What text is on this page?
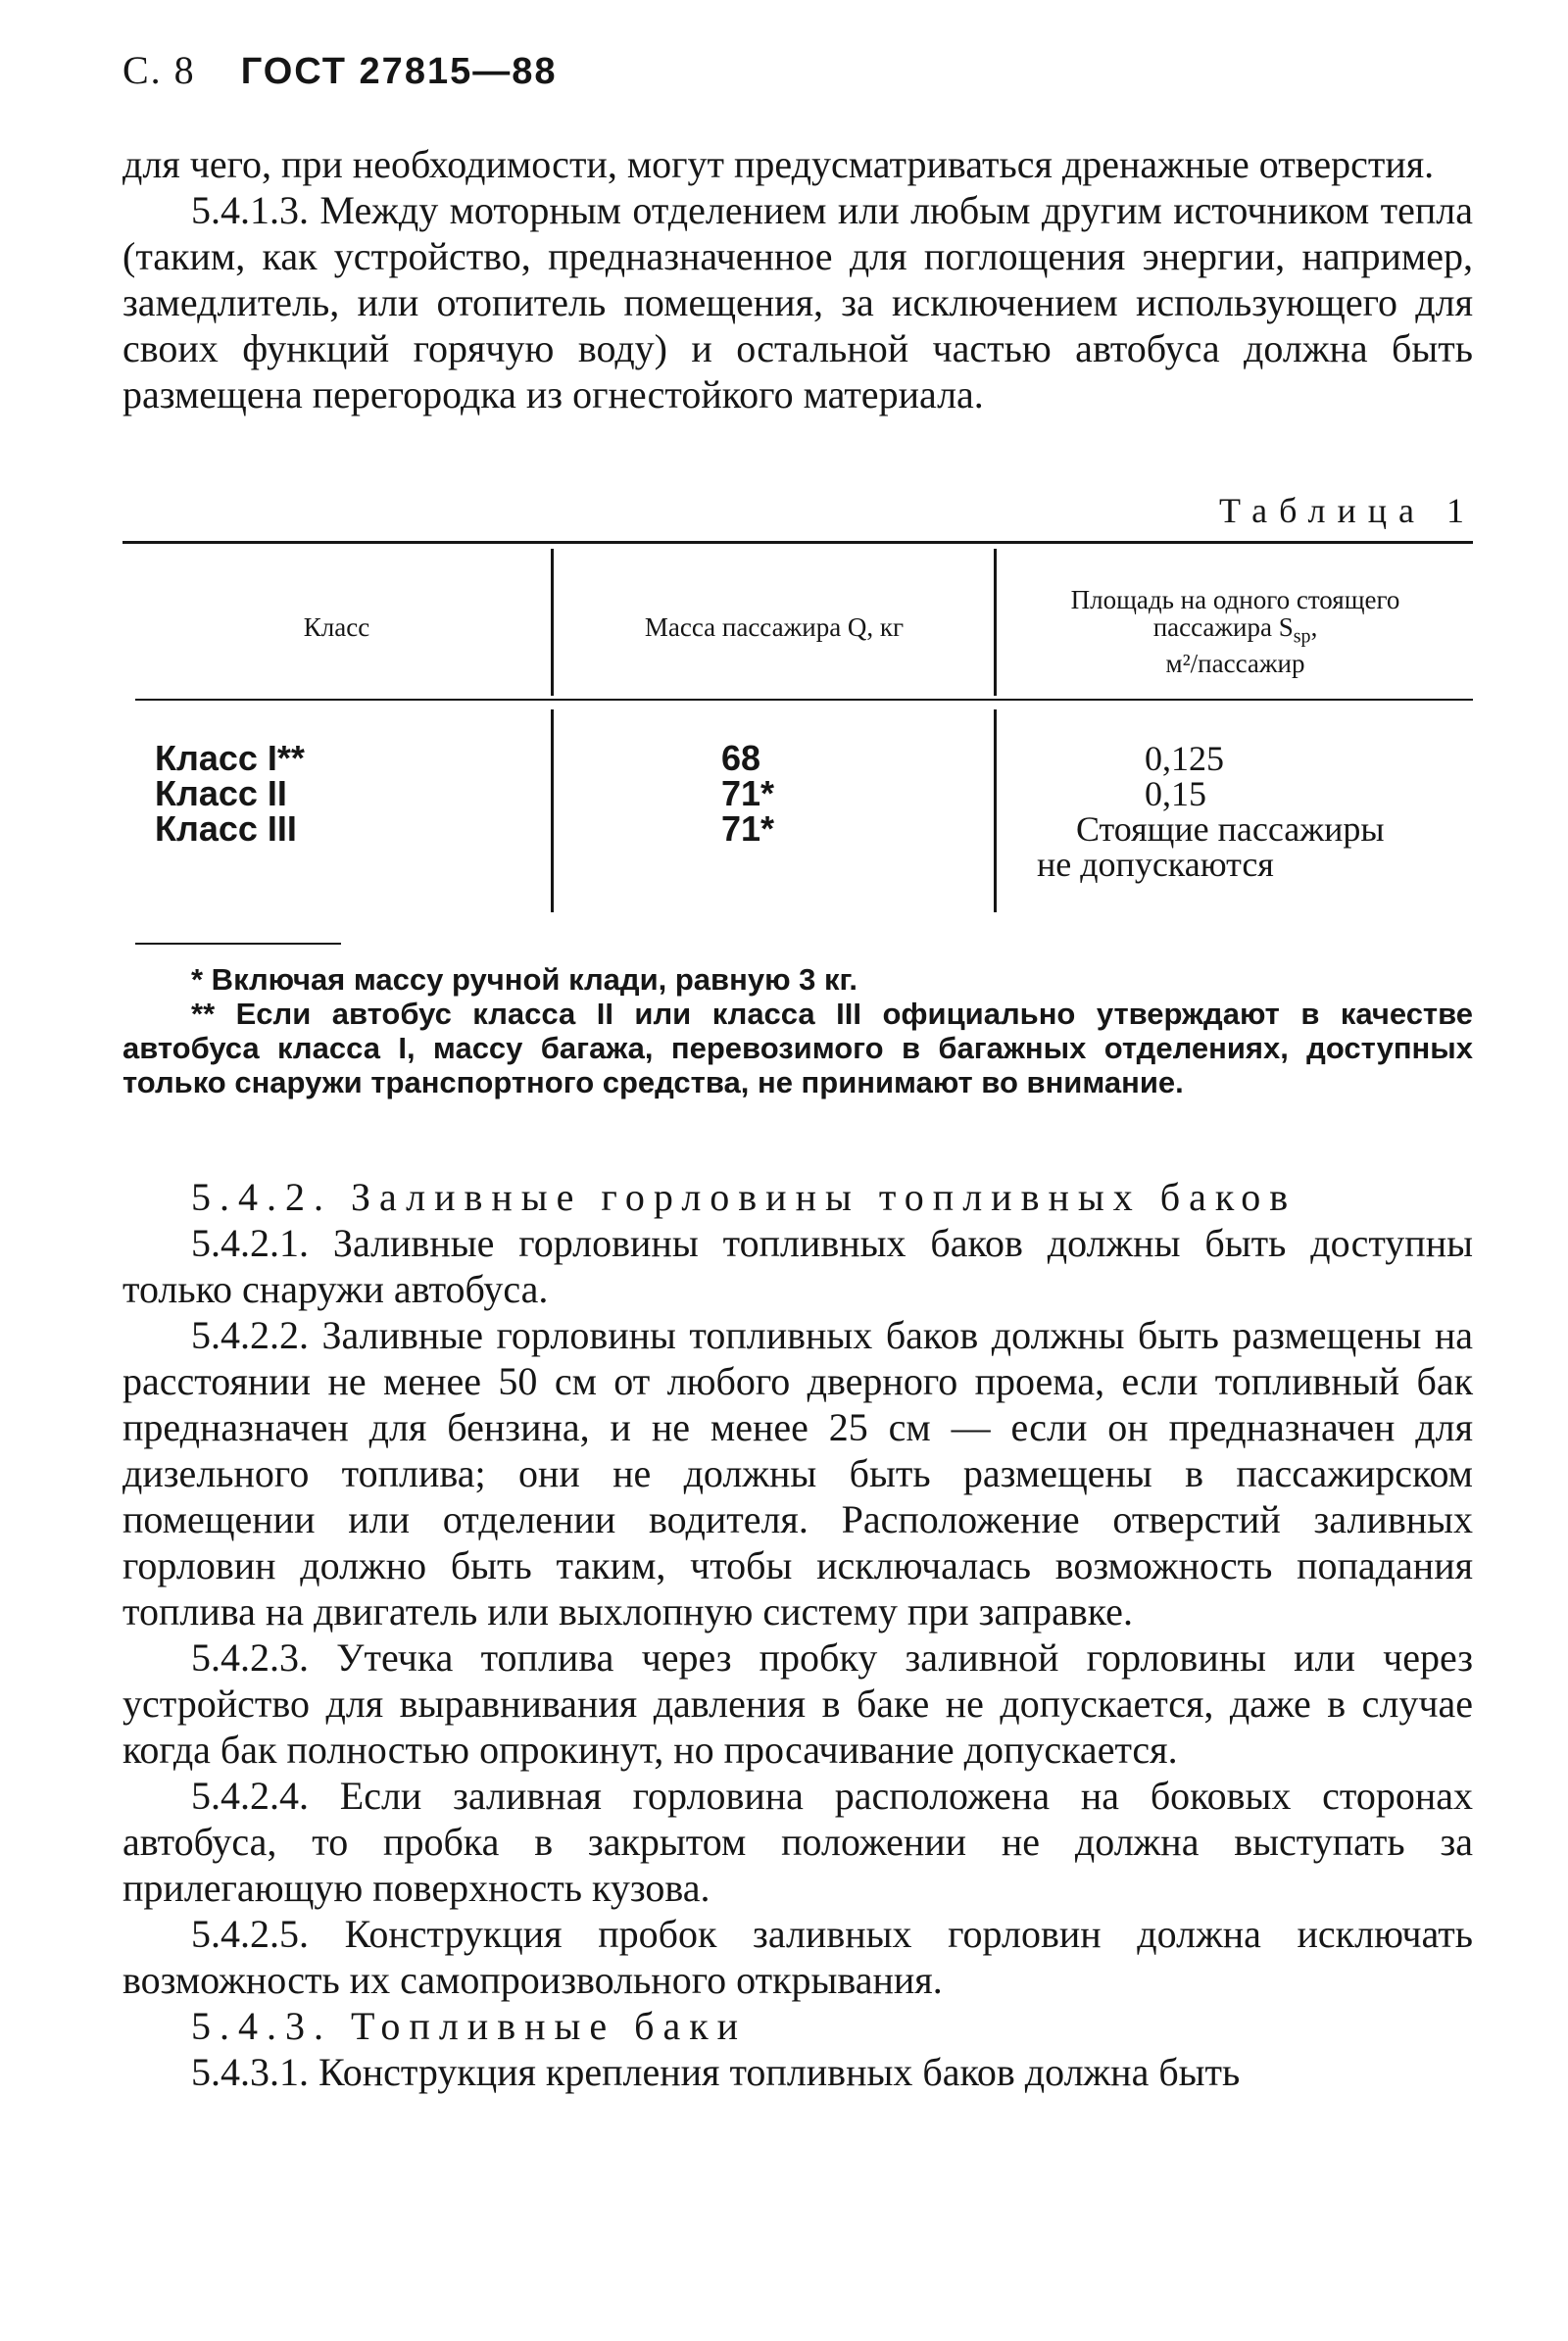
С. 8 ГОСТ 27815—88
для чего, при необходимости, могут предусматриваться дренажные отверстия.
5.4.1.3. Между моторным отделением или любым другим источником тепла (таким, как устройство, предназначенное для поглощения энергии, например, замедлитель, или отопитель помещения, за исключением использующего для своих функций горячую воду) и остальной частью автобуса должна быть размещена перегородка из огнестойкого материала.
Таблица 1
Класс	Масса пассажира Q, кг
Площадь на одного стоящего
пассажира $S_{sp}$,
м²/пассажир
Класс I**	68	0,125
Класс II	71*	0,15
Класс III	71*	Стоящие пассажиры
не допускаются
* Включая массу ручной клади, равную 3 кг.
** Если автобус класса II или класса III официально утверждают в качестве автобуса класса I, массу багажа, перевозимого в багажных отделениях, доступных только снаружи транспортного средства, не принимают во внимание.
5.4.2. Заливные горловины топливных баков
5.4.2.1. Заливные горловины топливных баков должны быть доступны только снаружи автобуса.
5.4.2.2. Заливные горловины топливных баков должны быть размещены на расстоянии не менее 50 см от любого дверного проема, если топливный бак предназначен для бензина, и не менее 25 см — если он предназначен для дизельного топлива; они не должны быть размещены в пассажирском помещении или отделении водителя. Расположение отверстий заливных горловин должно быть таким, чтобы исключалась возможность попадания топлива на двигатель или выхлопную систему при заправке.
5.4.2.3. Утечка топлива через пробку заливной горловины или через устройство для выравнивания давления в баке не допускается, даже в случае когда бак полностью опрокинут, но просачивание допускается.
5.4.2.4. Если заливная горловина расположена на боковых сторонах автобуса, то пробка в закрытом положении не должна выступать за прилегающую поверхность кузова.
5.4.2.5. Конструкция пробок заливных горловин должна исключать возможность их самопроизвольного открывания.
5.4.3. Топливные баки
5.4.3.1. Конструкция крепления топливных баков должна быть
